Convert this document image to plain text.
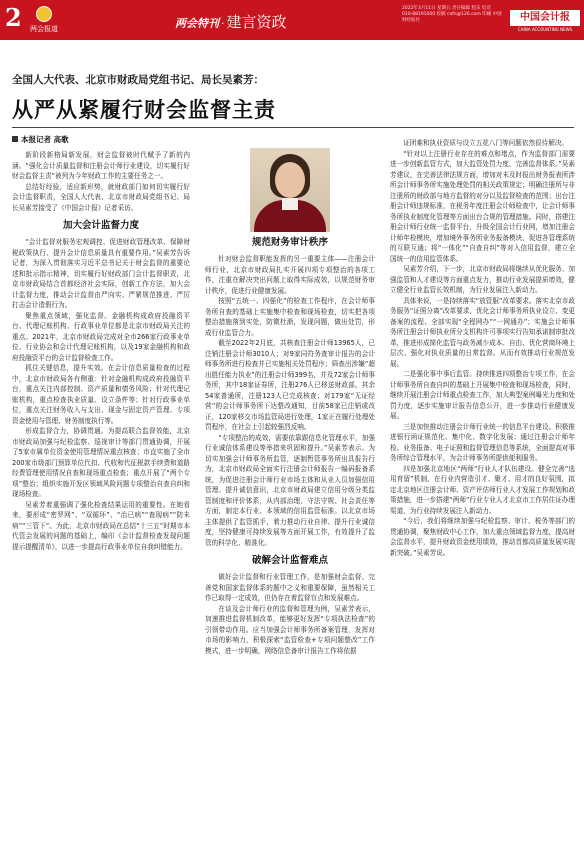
2	两会报道	两会特刊 · 建言资政
2022年3月11日 星期五 责任编辑 程乐 电话 010-88191000 投稿 cafn@126.com 印刷 中国财经报社	中国会计报
CHINA ACCOUNTING NEWS
全国人大代表、北京市财政局党组书记、局长吴素芳：
从严从紧履行财会监督主责
本报记者 高歌

新阶段新格局新发展，财会监督被时代赋予了新的内涵。“强化会计质量监督和注册会计师行业建设，切实履行好财会监督主责”被列为今年财政工作的主要任务之一。

总结好经验，适应新形势，就财政部门如何切实履行好会计监督职责，全国人大代表、北京市财政局党组书记、局长吴素芳接受了《中国会计报》记者采访。

加大会计监督力度

“会计监督对服务宏观调控、促进财政管理改革、保障财税政策执行、提升会计信息质量具有重要作用。”吴素芳告诉记者，为深入贯彻落实习近平总书记关于财会监督的重要论述和批示指示精神，切实履行好财政部门会计监督职责，北京市财政局结合首都经济社会实际，创新工作方法，加大会计监督力度，推动会计监督由严向实、严紧规范推进、严厉打击会计造假行为。

聚焦重点领域，强化监督。金融机构成政府投融资平台、代理记账机构、行政事业单位都是北京市财政局关注的重点。2021年，北京市财政局完成对全市266家行政事业单位、行业协会和会计代理记账机构，以及19家金融机构和政府投融资平台的会计监督检查工作。

抓住关键信息，提升实效。在会计信息质量检查的过程中，北京市财政局各有侧重：针对金融机构成政府投融资平台，重点关注内部控制、资产质量和债务风险；针对代理记账机构，重点检查执业质量、设立条件等；针对行政事业单位，重点关注财务收入与支出、现金与固定资产管理、专项资金使用与管理、财务制度执行等。

形成监督合力，协调贯通。为提高联合监督效能，北京市财政局加强与纪检监察、巡视审计等部门贯通协调，开展了5家市属单位资金使用管理情况重点核查；市直实施了全市200家市级部门预算单位代扣、代收和代征税款手续费和道路经费管理使用情况自查和现场重点检查；重点开展了“两个专项”整治；组织实施开发区领域风险问题专项整治自查自纠和现场检查。

吴素芳着重强调了强化检查结果运用的重要性。在她看来，要形成“密罗网”、“双循环”、“治已病”“查现病”“防未病”“三管下”。为此，北京市财政局在总结“十三五”时期市本代管会发展的问题的基础上，编印《会计监督检查发现问题提示提醒清单》，以进一步提高行政事业单位自我纠错能力。

规范财务审计秩序

针对财会监督职能发挥的另一重要主体——注册会计师行业，北京市财政局扎实开展四项专项整治的各项工作，注重在解决突出问题上取得实际成效，以规范财务审计秩序，促进行业健康发展。

按照“五统一、四强化”的检查工作程序，在会计师事务所自查的基础上实施集中检查和现场检查，切实把各项整治措施落到实处，防微杜渐，发现问题，做出处罚，形成行业监管合力。

截至2022年2月底，共核查注册会计师13965人，已注销注册会计师3010人；对9家同符务查审计报告的会计师事务所进行检查并已实施相关处罚程序；筛查出涉嫌“超出胜任能力执业”的注册会计师399名，并及72家会计师事务所，其中18家证券所，注册276人已移送财政部，其余54家普通所，注册123人已完成核查；对179家“无证经营”的会计师事务所下达整改通知，目前58家已注销或改正，120家移交市场监管局进行处理，1家正在履行处理处罚程序，在社会上引起较强烈反响。

“专项整治的成效，需要依靠跟信息化管理水平，加强行业诚信体系建设等举措来巩固和提升。”吴素芳表示。为切实加强会计师事务所监管，逐制暂管事务所出具报告行为，北京市财政局全面实行注册会计师报告一编码报备系统，为促进注册会计师行业市场主体和从业人员加强信用管理、提升诚信意识，北京市财政局建立信用分级分类监管制度和评价体系，从内部治理、守法守规、社会责任等方面，制定本行业、本领域的信用监管标准。以北京市场主体提供了监管抓手，着力推动行业自律、提升行业诚信度，坚持健康可持续发展等方面开展工作，有效提升了监管的科学化、精准化。

破解会计监督难点

做好会计监督和行业管理工作，是加强财会监督、完善党和国家监督体系的题中之义和重要保障，虽然相关工作已取得一定成效，但仍存在着监督盲点和发展难点。

在谈及会计师行业的监督和管理为例，吴素芳表示，加速推进监督机制改革，能够更好发挥“专项执法检查”的引领带动作用。应当加强会计师事务所备案管理，发挥对市场的影响力，积极探索“监管检查+专项问题整改”工作模式，进一步明确，网络信息备审计报告工作将依据

证团难和执业资质与设立五花八门等问题依然很待解决。

“针对以上注册行业存在的难点和堵点，作为监督部门需要进一步创新监管方式，加大监管处罚力度，完善监督体系。”吴素芳建议，在完善法律法规方面，增加对未及时报出财务报表所涉所会计师事务所实施处理处罚的相关政策规定；明确注册所与非注册所的财政部与地方监督的对分以及监督检查的范围；出台注册会计师违规标准，在税务年度注册会计师检查中，让会计师事务所执业制度化管理等方面出台合规的管理措施。同时，搭建注册会计师行业统一监督平台，升级全国会计行业网，增加注册会计师年检模块，增加境外事务所业务报备模块，促进各管理系统的互联互通；将“一体化”“自查自纠”等对入信用监督，建立全国统一的信用监管体系。

吴素芳介绍，下一步，北京市财政局将继续从优化服务、加强监管和人才建设等方面重点发力，推动行业发展提质增效，健立健全行业监管长效机制，为行业发展注入新动力。

具体来说，一是持续落实“放管服”改革要求。落实北京市政务服务“证照分离”改革要求，优化会计师事务所执业设立、变更备案的流程、全部实现“全程网办”“一网通办”；实施会计师事务所注册会计师执业所分支机构许可事项实行告知承诺制审批改革，推进形成简化监管与政务减少成本、自由、优化营商环境上层次、强化对执业质量的日常监督。从而有效推动行业规范发展。

二是强化事中事后监管。持续推进四项整治专项工作，在会计师事务所自查自纠的基础上开展集中检查和现场检查，同时，继续开展注册会计师重点检查工作，加大典型案例曝光力度和处罚力度，逐步实施审计报告信息公开，进一步推动行业健康发展。

三是加快推动注册会计师行业统一的信息平台建设。积极推进银行函证规范化、集中化、数字化发展；通过注册会计师年检、业务报备、电子证照和监督管理信息等系统，全面提高对事务所综合管理水平，为会计师事务所提供便利服务。

四是加强北京地区“两师”行业人才队伍建设。健全完善“选用育留”机制，在行业内营造引才、聚才、用才的良好氛围，拟定北京地区注册会计师、资产评估师行业人才发展工作规划和政策措施，进一步搭建“两师”行业专业人才北京市工作居住证办理渠道，为行业持续发展注入新动力。

“今后，我们将继续加强与纪检监察、审计、税务等部门的贯通协调，聚焦财政中心工作，加大重点领域监督力度，提高财会监督水平，提升财政资金使用绩效，推动首都高质量发展实现新突破。”吴素芳说。
